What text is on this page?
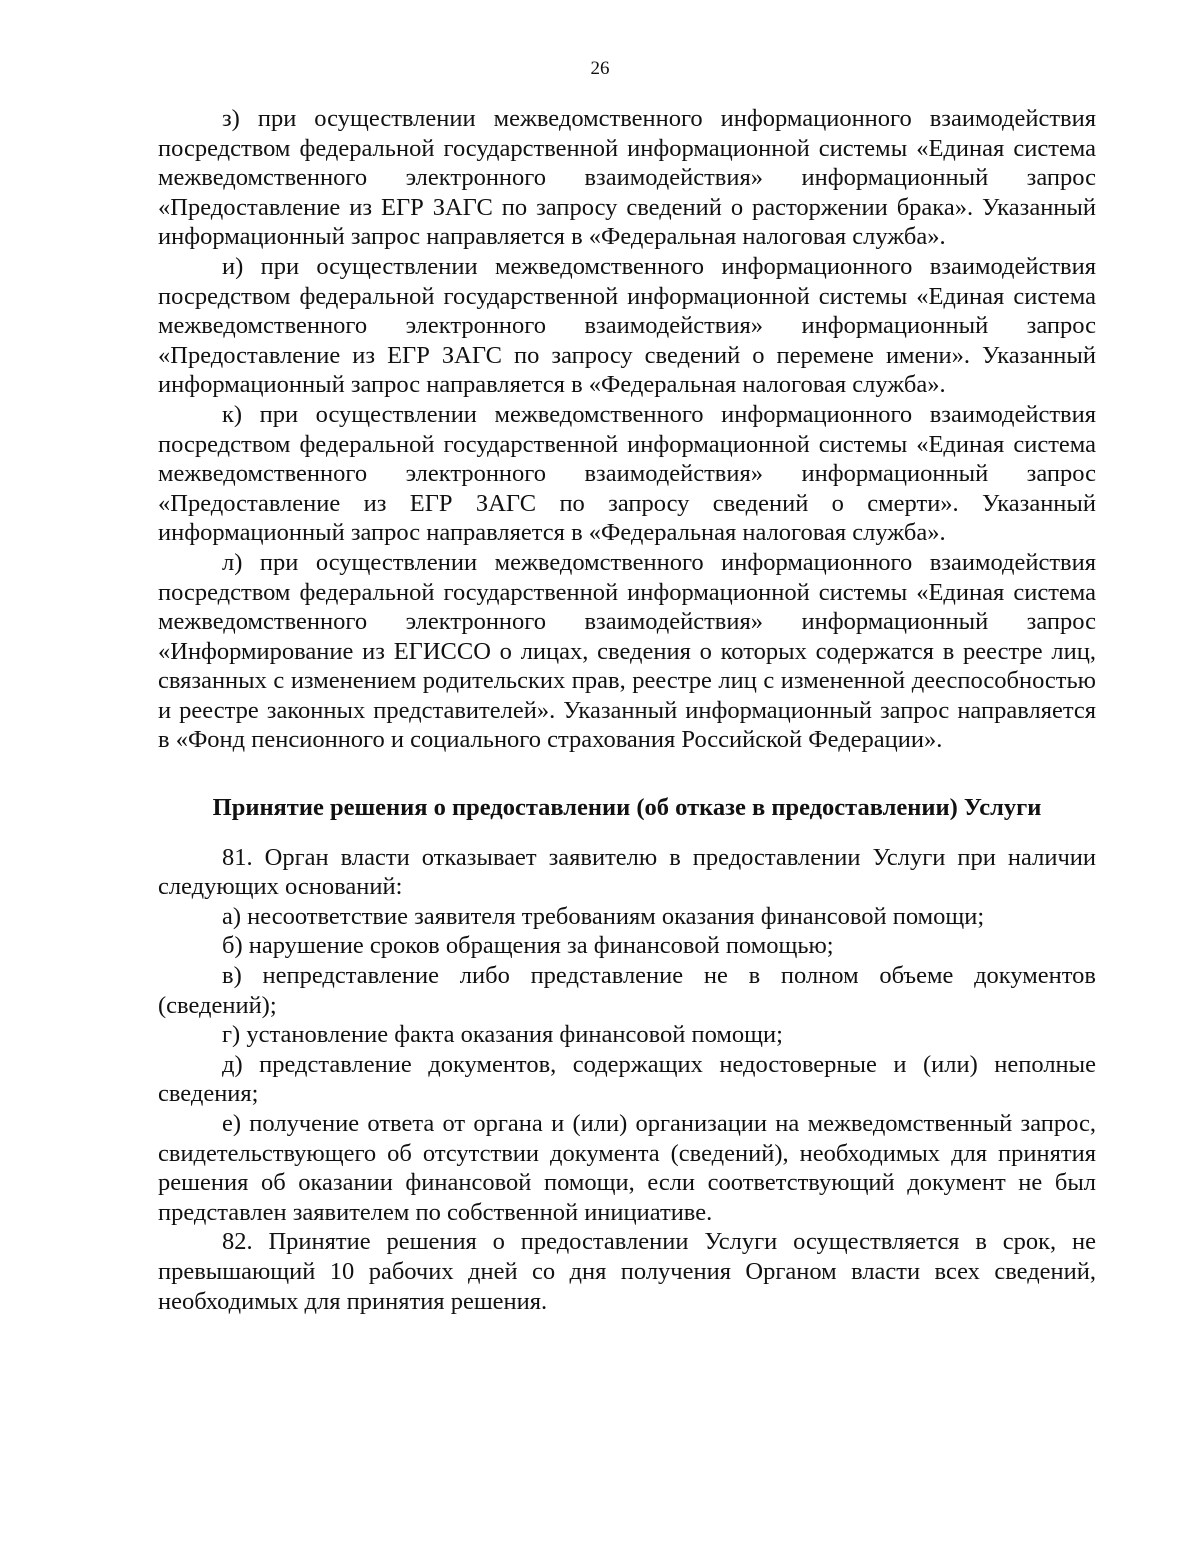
26

з) при осуществлении межведомственного информационного взаимодействия посредством федеральной государственной информационной системы «Единая система межведомственного электронного взаимодействия» информационный запрос «Предоставление из ЕГР ЗАГС по запросу сведений о расторжении брака». Указанный информационный запрос направляется в «Федеральная налоговая служба».

и) при осуществлении межведомственного информационного взаимодействия посредством федеральной государственной информационной системы «Единая система межведомственного электронного взаимодействия» информационный запрос «Предоставление из ЕГР ЗАГС по запросу сведений о перемене имени». Указанный информационный запрос направляется в «Федеральная налоговая служба».

к) при осуществлении межведомственного информационного взаимодействия посредством федеральной государственной информационной системы «Единая система межведомственного электронного взаимодействия» информационный запрос «Предоставление из ЕГР ЗАГС по запросу сведений о смерти». Указанный информационный запрос направляется в «Федеральная налоговая служба».

л) при осуществлении межведомственного информационного взаимодействия посредством федеральной государственной информационной системы «Единая система межведомственного электронного взаимодействия» информационный запрос «Информирование из ЕГИССО о лицах, сведения о которых содержатся в реестре лиц, связанных с изменением родительских прав, реестре лиц с измененной дееспособностью и реестре законных представителей». Указанный информационный запрос направляется в «Фонд пенсионного и социального страхования Российской Федерации».

Принятие решения о предоставлении (об отказе в предоставлении) Услуги

81. Орган власти отказывает заявителю в предоставлении Услуги при наличии следующих оснований:

а) несоответствие заявителя требованиям оказания финансовой помощи;

б) нарушение сроков обращения за финансовой помощью;

в) непредставление либо представление не в полном объеме документов (сведений);

г) установление факта оказания финансовой помощи;

д) представление документов, содержащих недостоверные и (или) неполные сведения;

е) получение ответа от органа и (или) организации на межведомственный запрос, свидетельствующего об отсутствии документа (сведений), необходимых для принятия решения об оказании финансовой помощи, если соответствующий документ не был представлен заявителем по собственной инициативе.

82. Принятие решения о предоставлении Услуги осуществляется в срок, не превышающий 10 рабочих дней со дня получения Органом власти всех сведений, необходимых для принятия решения.
